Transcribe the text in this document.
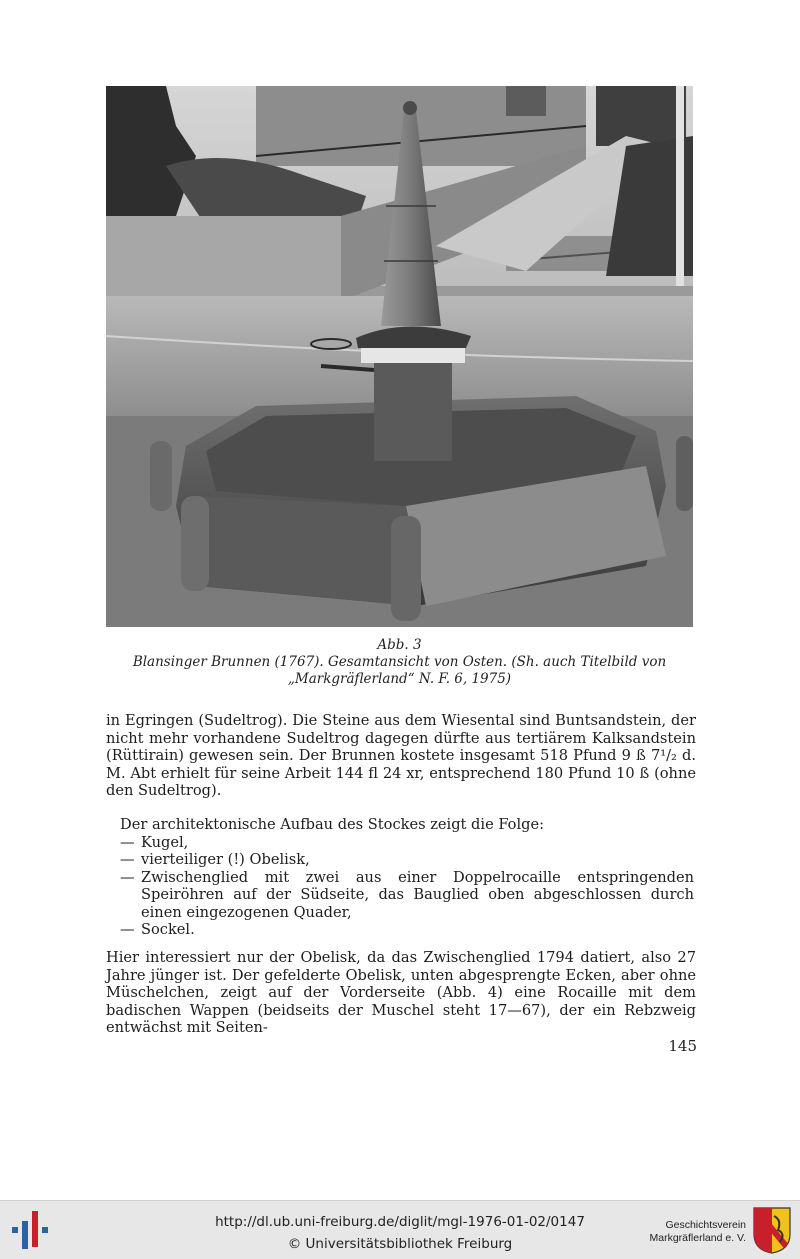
Abb. 3
Blansinger Brunnen (1767). Gesamtansicht von Osten. (Sh. auch Titelbild von
„Markgräflerland“ N. F. 6, 1975)

in Egringen (Sudeltrog). Die Steine aus dem Wiesental sind Buntsandstein, der nicht mehr vorhandene Sudeltrog dagegen dürfte aus tertiärem Kalksandstein (Rüttirain) gewesen sein. Der Brunnen kostete insgesamt 518 Pfund 9 ß 7¹/₂ d. M. Abt erhielt für seine Arbeit 144 fl 24 xr, entsprechend 180 Pfund 10 ß (ohne den Sudeltrog).

Der architektonische Aufbau des Stockes zeigt die Folge:
— Kugel,
— vierteiliger (!) Obelisk,
— Zwischenglied mit zwei aus einer Doppelrocaille entspringenden Speiröhren auf der Südseite, das Bauglied oben abgeschlossen durch einen eingezogenen Quader,
— Sockel.

Hier interessiert nur der Obelisk, da das Zwischenglied 1794 datiert, also 27 Jahre jünger ist. Der gefelderte Obelisk, unten abgesprengte Ecken, aber ohne Müschelchen, zeigt auf der Vorderseite (Abb. 4) eine Rocaille mit dem badischen Wappen (beidseits der Muschel steht 17—67), der ein Rebzweig entwächst mit Seiten-

145
http://dl.ub.uni-freiburg.de/diglit/mgl-1976-01-02/0147
© Universitätsbibliothek Freiburg
Geschichtsverein
Markgräflerland e. V.
